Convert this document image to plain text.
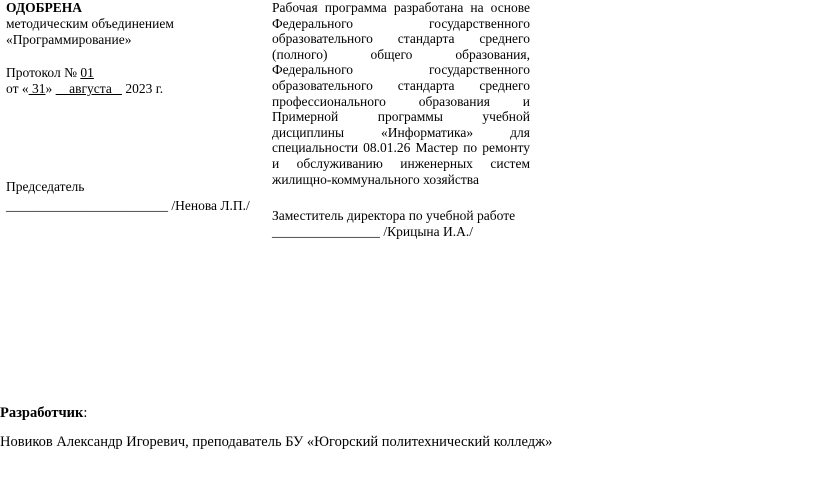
ОДОБРЕНА
методическим объединением
«Программирование»
Протокол № 01
от « 31»     августа    2023 г.
Председатель
________________________ /Ненова Л.П./
Рабочая программа разработана на основе Федерального государственного образовательного стандарта среднего (полного) общего образования, Федерального государственного образовательного стандарта среднего профессионального образования и Примерной программы учебной дисциплины «Информатика» для специальности 08.01.26 Мастер по ремонту и обслуживанию инженерных систем жилищно-коммунального хозяйства
Заместитель директора по учебной работе
________________ /Крицына И.А./
Разработчик:
Новиков Александр Игоревич, преподаватель БУ «Югорский политехнический колледж»
